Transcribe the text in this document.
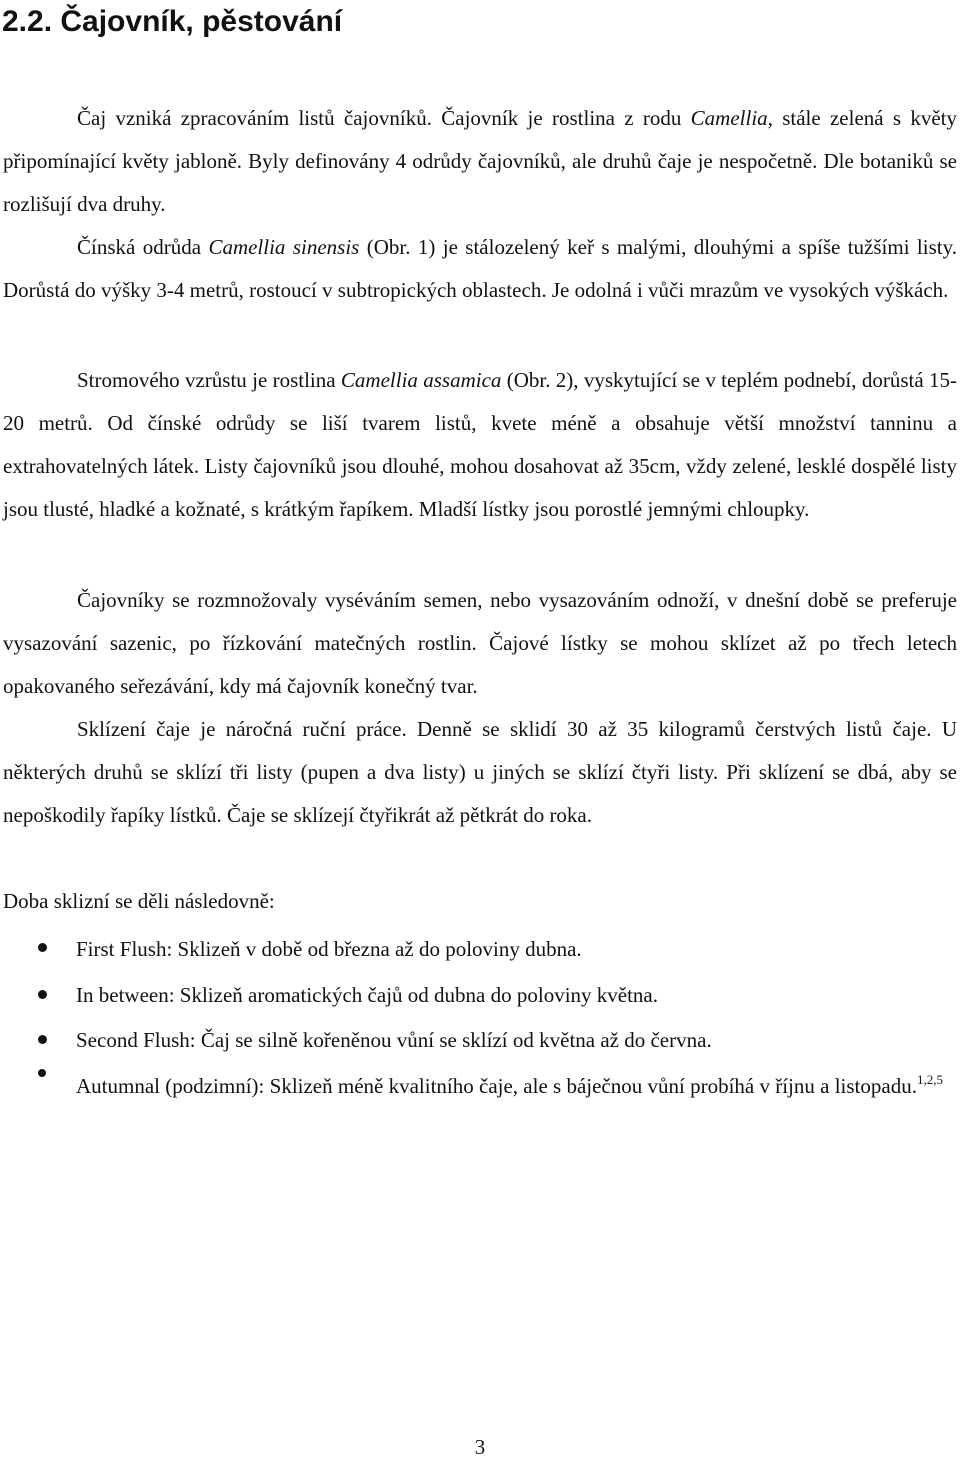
2.2. Čajovník, pěstování

Čaj vzniká zpracováním listů čajovníků. Čajovník je rostlina z rodu Camellia, stále zelená s květy připomínající květy jabloně. Byly definovány 4 odrůdy čajovníků, ale druhů čaje je nespočetně. Dle botaniků se rozlišují dva druhy.

Čínská odrůda Camellia sinensis (Obr. 1) je stálozelený keř s malými, dlouhými a spíše tužšími listy. Dorůstá do výšky 3-4 metrů, rostoucí v subtropických oblastech. Je odolná i vůči mrazům ve vysokých výškách.

Stromového vzrůstu je rostlina Camellia assamica (Obr. 2), vyskytující se v teplém podnebí, dorůstá 15-20 metrů. Od čínské odrůdy se liší tvarem listů, kvete méně a obsahuje větší množství tanninu a extrahovatelných látek. Listy čajovníků jsou dlouhé, mohou dosahovat až 35cm, vždy zelené, lesklé dospělé listy jsou tlusté, hladké a kožnaté, s krátkým řapíkem. Mladší lístky jsou porostlé jemnými chloupky.

Čajovníky se rozmnožovaly vyséváním semen, nebo vysazováním odnoží, v dnešní době se preferuje vysazování sazenic, po řízkování matečných rostlin. Čajové lístky se mohou sklízet až po třech letech opakovaného seřezávání, kdy má čajovník konečný tvar.

Sklízení čaje je náročná ruční práce. Denně se sklidí 30 až 35 kilogramů čerstvých listů čaje. U některých druhů se sklízí tři listy (pupen a dva listy) u jiných se sklízí čtyři listy. Při sklízení se dbá, aby se nepoškodily řapíky lístků. Čaje se sklízejí čtyřikrát až pětkrát do roka.

Doba sklizní se děli následovně:

First Flush: Sklizeň v době od března až do poloviny dubna.
In between: Sklizeň aromatických čajů od dubna do poloviny května.
Second Flush: Čaj se silně kořeněnou vůní se sklízí od května až do června.
Autumnal (podzimní): Sklizeň méně kvalitního čaje, ale s báječnou vůní probíhá v říjnu a listopadu.$^{1,2,5}$
3
